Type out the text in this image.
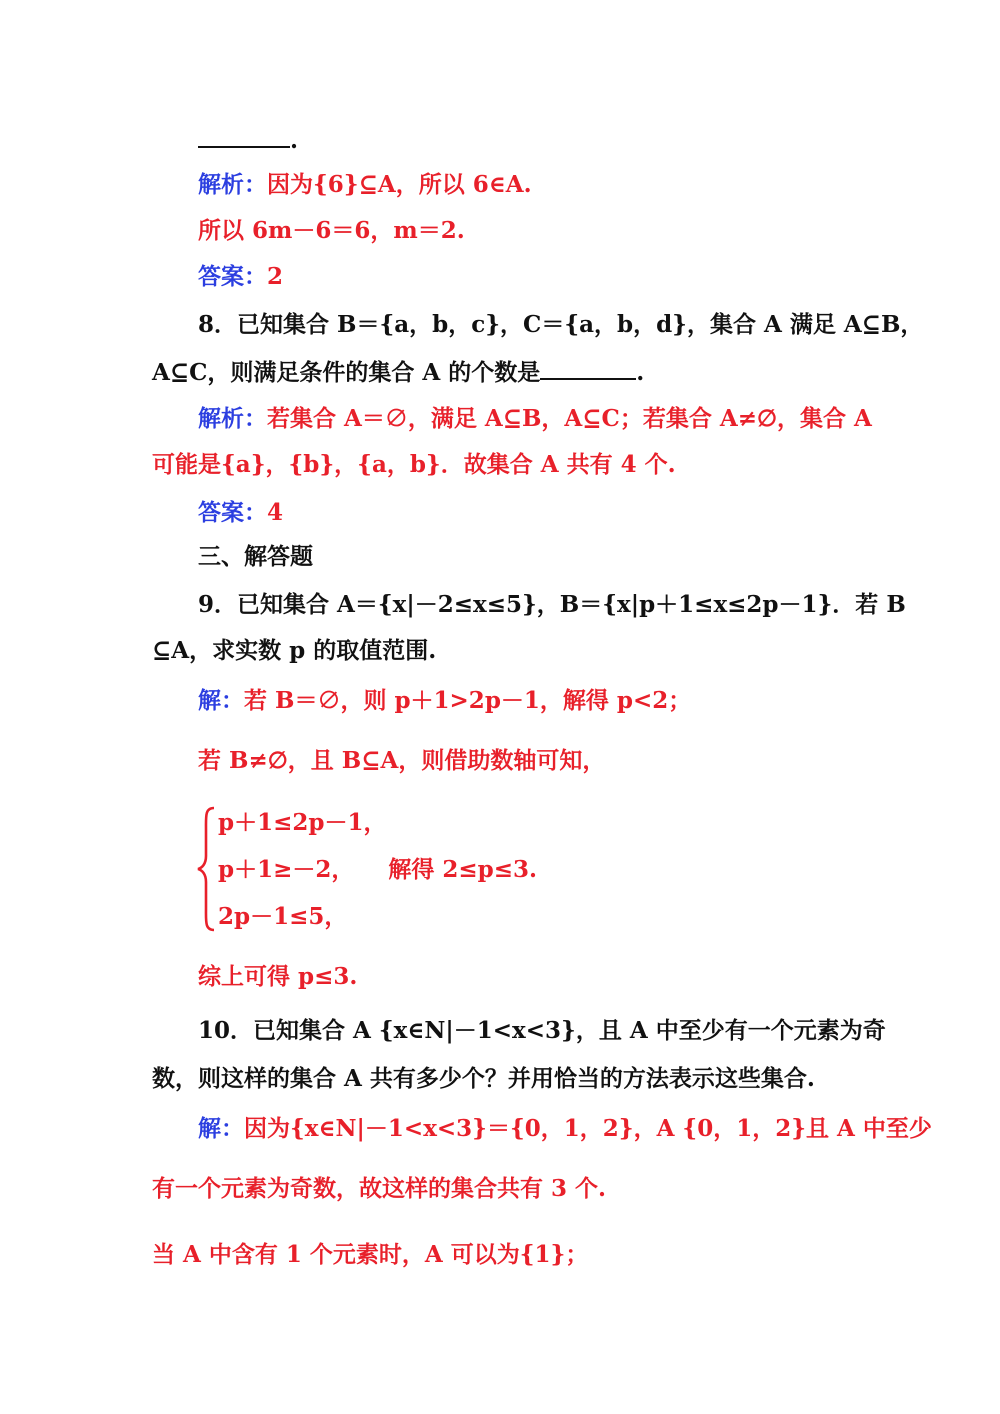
.
解析：因为{6}⊆A，所以 6∈A.
所以 6m－6＝6，m＝2.
答案：2
8．已知集合 B＝{a，b，c}，C＝{a，b，d}，集合 A 满足 A⊆B，
A⊆C，则满足条件的集合 A 的个数是	.
解析：若集合 A＝∅，满足 A⊆B，A⊆C；若集合 A≠∅，集合 A
可能是{a}，{b}，{a，b}．故集合 A 共有 4 个.
答案：4
三、解答题
9．已知集合 A＝{x|－2≤x≤5}，B＝{x|p＋1≤x≤2p－1}．若 B
⊆A，求实数 p 的取值范围.
解：若 B＝∅，则 p＋1>2p－1，解得 p<2；
若 B≠∅，且 B⊆A，则借助数轴可知，
p＋1≤2p－1，
p＋1≥－2， 解得 2≤p≤3.
2p－1≤5，
综上可得 p≤3.
10．已知集合 A {x∈N|－1<x<3}，且 A 中至少有一个元素为奇
数，则这样的集合 A 共有多少个？并用恰当的方法表示这些集合.
解：因为{x∈N|－1<x<3}＝{0，1，2}，A {0，1，2}且 A 中至少
有一个元素为奇数，故这样的集合共有 3 个.
当 A 中含有 1 个元素时，A 可以为{1}；
